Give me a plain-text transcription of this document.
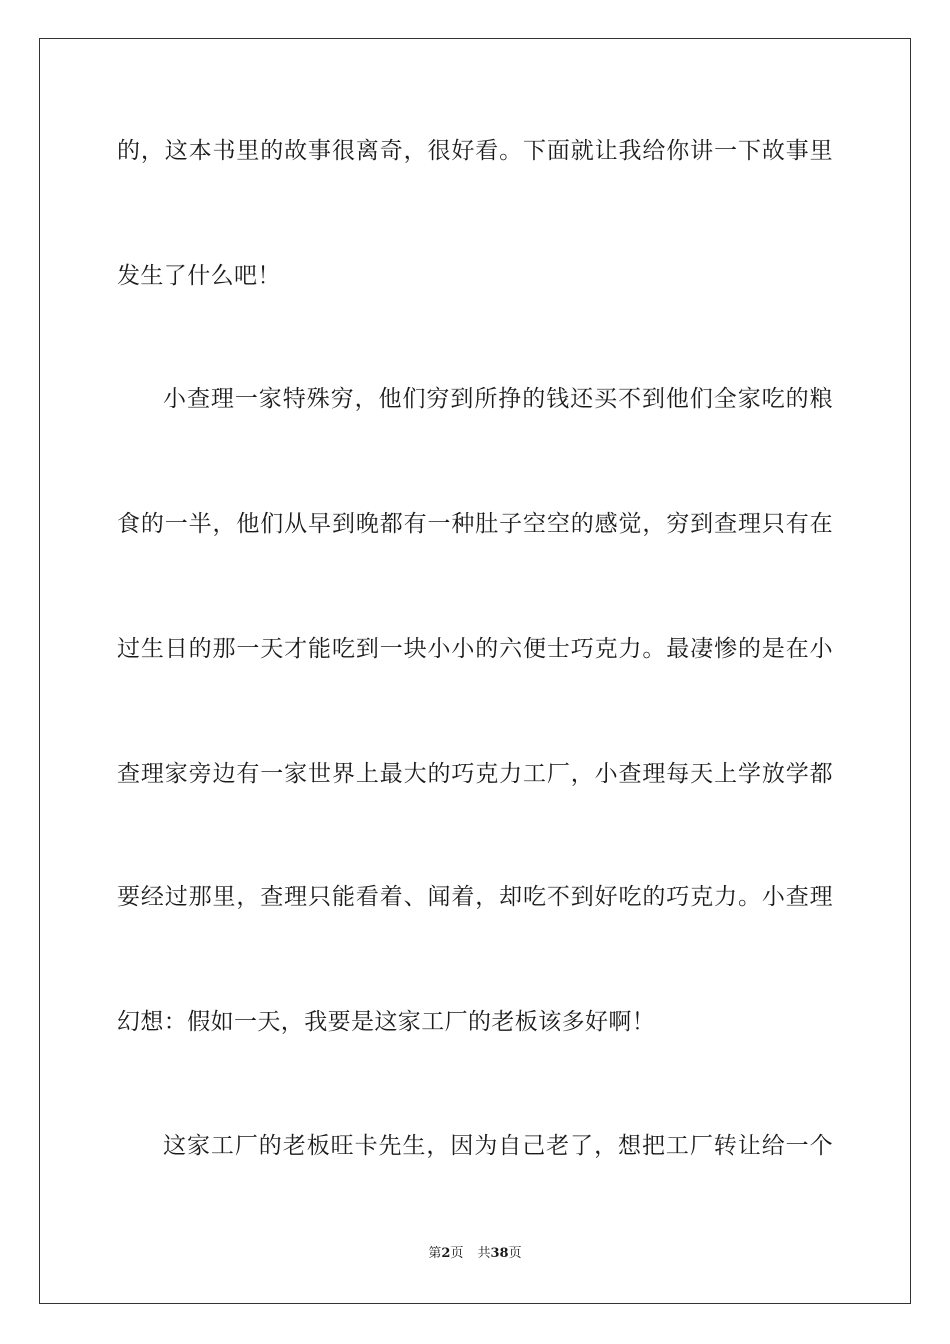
的，这本书里的故事很离奇，很好看。下面就让我给你讲一下故事里
发生了什么吧！
小查理一家特殊穷，他们穷到所挣的钱还买不到他们全家吃的粮
食的一半，他们从早到晚都有一种肚子空空的感觉，穷到查理只有在
过生日的那一天才能吃到一块小小的六便士巧克力。最凄惨的是在小
查理家旁边有一家世界上最大的巧克力工厂，小查理每天上学放学都
要经过那里，查理只能看着、闻着，却吃不到好吃的巧克力。小查理
幻想：假如一天，我要是这家工厂的老板该多好啊！
这家工厂的老板旺卡先生，因为自己老了，想把工厂转让给一个
第2页 共38页
